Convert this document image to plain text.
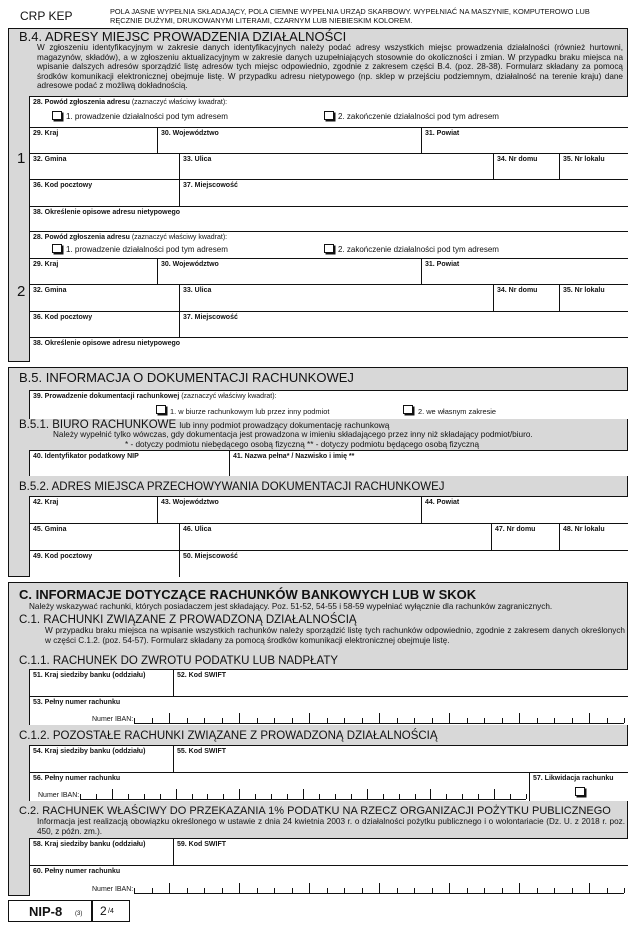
CRP KEP	POLA JASNE WYPEŁNIA SKŁADAJĄCY, POLA CIEMNE WYPEŁNIA URZĄD SKARBOWY. WYPEŁNIAĆ NA MASZYNIE, KOMPUTEROWO LUB RĘCZNIE DUŻYMI, DRUKOWANYMI LITERAMI, CZARNYM LUB NIEBIESKIM KOLOREM.
B.4. ADRESY MIEJSC PROWADZENIA DZIAŁALNOŚCI
W zgłoszeniu identyfikacyjnym w zakresie danych identyfikacyjnych należy podać adresy wszystkich miejsc prowadzenia działalności (również hurtowni, magazynów, składów), a w zgłoszeniu aktualizacyjnym w zakresie danych uzupełniających stosownie do okoliczności i zmian. W przypadku braku miejsca na wpisanie dalszych adresów sporządzić listę adresów tych miejsc odpowiednio, zgodnie z zakresem części B.4. (poz. 28-38). Formularz składany za pomocą środków komunikacji elektronicznej obejmuje listę. W przypadku adresu nietypowego (np. sklep w przejściu podziemnym, działalność na terenie kraju) dane adresowe podać z możliwą dokładnością.
1
28. Powód zgłoszenia adresu (zaznaczyć właściwy kwadrat):
1. prowadzenie działalności pod tym adresem	2. zakończenie działalności pod tym adresem
29. Kraj	30. Województwo	31. Powiat
32. Gmina	33. Ulica	34. Nr domu	35. Nr lokalu
36. Kod pocztowy	37. Miejscowość
38. Określenie opisowe adresu nietypowego
2
28. Powód zgłoszenia adresu (zaznaczyć właściwy kwadrat):
1. prowadzenie działalności pod tym adresem	2. zakończenie działalności pod tym adresem
29. Kraj	30. Województwo	31. Powiat
32. Gmina	33. Ulica	34. Nr domu	35. Nr lokalu
36. Kod pocztowy	37. Miejscowość
38. Określenie opisowe adresu nietypowego
B.5. INFORMACJA O DOKUMENTACJI RACHUNKOWEJ
39. Prowadzenie dokumentacji rachunkowej (zaznaczyć właściwy kwadrat):
1. w biurze rachunkowym lub przez inny podmiot	2. we własnym zakresie
B.5.1. BIURO RACHUNKOWE lub inny podmiot prowadzący dokumentację rachunkową
Należy wypełnić tylko wówczas, gdy dokumentacja jest prowadzona w imieniu składającego przez inny niż składający podmiot/biuro.
* - dotyczy podmiotu niebędącego osobą fizyczną ** - dotyczy podmiotu będącego osobą fizyczną
40. Identyfikator podatkowy NIP	41. Nazwa pełna* / Nazwisko i imię **
B.5.2. ADRES MIEJSCA PRZECHOWYWANIA DOKUMENTACJI RACHUNKOWEJ
42. Kraj	43. Województwo	44. Powiat
45. Gmina	46. Ulica	47. Nr domu	48. Nr lokalu
49. Kod pocztowy	50. Miejscowość
C. INFORMACJE DOTYCZĄCE RACHUNKÓW BANKOWYCH LUB W SKOK
Należy wskazywać rachunki, których posiadaczem jest składający. Poz. 51-52, 54-55 i 58-59 wypełniać wyłącznie dla rachunków zagranicznych.
C.1. RACHUNKI ZWIĄZANE Z PROWADZONĄ DZIAŁALNOŚCIĄ
W przypadku braku miejsca na wpisanie wszystkich rachunków należy sporządzić listę tych rachunków odpowiednio, zgodnie z zakresem danych określonych w części C.1.2. (poz. 54-57). Formularz składany za pomocą środków komunikacji elektronicznej obejmuje listę.
C.1.1. RACHUNEK DO ZWROTU PODATKU LUB NADPŁATY
51. Kraj siedziby banku (oddziału)	52. Kod SWIFT
53. Pełny numer rachunku
Numer IBAN:
C.1.2. POZOSTAŁE RACHUNKI ZWIĄZANE Z PROWADZONĄ DZIAŁALNOŚCIĄ
54. Kraj siedziby banku (oddziału)	55. Kod SWIFT
56. Pełny numer rachunku
Numer IBAN:
57. Likwidacja rachunku
C.2. RACHUNEK WŁAŚCIWY DO PRZEKAZANIA 1% PODATKU NA RZECZ ORGANIZACJI POŻYTKU PUBLICZNEGO
Informacja jest realizacją obowiązku określonego w ustawie z dnia 24 kwietnia 2003 r. o działalności pożytku publicznego i o wolontariacie (Dz. U. z 2018 r. poz. 450, z późn. zm.).
58. Kraj siedziby banku (oddziału)	59. Kod SWIFT
60. Pełny numer rachunku
Numer IBAN:
NIP-8 (3) 2 /4
